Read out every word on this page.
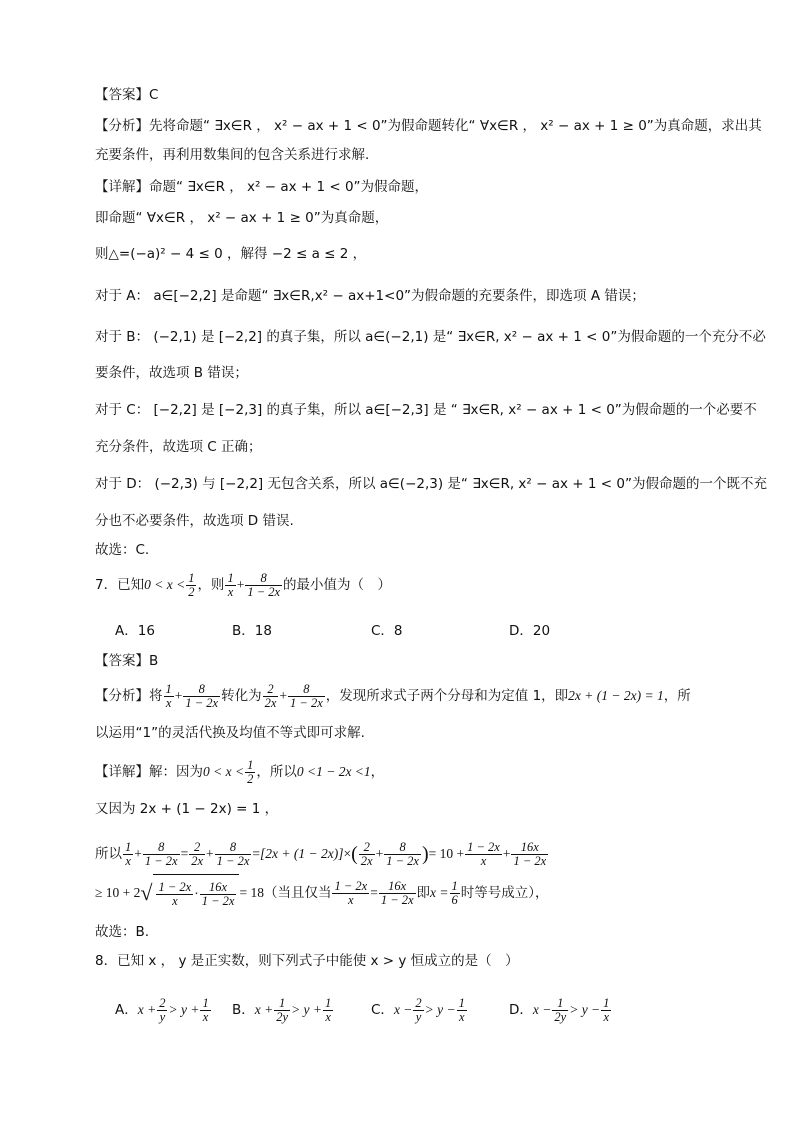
【答案】C
【分析】先将命题“ ∃x∈R ， x² − ax + 1 < 0”为假命题转化“ ∀x∈R ， x² − ax + 1 ≥ 0”为真命题，求出其
充要条件，再利用数集间的包含关系进行求解.
【详解】命题“ ∃x∈R ， x² − ax + 1 < 0”为假命题，
即命题“ ∀x∈R ， x² − ax + 1 ≥ 0”为真命题，
则△=(−a)² − 4 ≤ 0 ，解得 −2 ≤ a ≤ 2 ，
对于 A： a∈[−2,2] 是命题“ ∃x∈R,x² − ax+1<0”为假命题的充要条件，即选项 A 错误；
对于 B： (−2,1) 是 [−2,2] 的真子集，所以 a∈(−2,1) 是“ ∃x∈R, x² − ax + 1 < 0”为假命题的一个充分不必
要条件，故选项 B 错误；
对于 C： [−2,2] 是 [−2,3] 的真子集，所以 a∈[−2,3] 是 “ ∃x∈R, x² − ax + 1 < 0”为假命题的一个必要不
充分条件，故选项 C 正确；
对于 D： (−2,3) 与 [−2,2] 无包含关系，所以 a∈(−2,3) 是“ ∃x∈R, x² − ax + 1 < 0”为假命题的一个既不充
分也不必要条件，故选项 D 错误.
故选：C.
7．已知$0 < x < \frac{1}{2}$ ，则 $\frac{1}{x} + \frac{8}{1 - 2x}$ 的最小值为（　）
A．16	B．18	C．8	D．20
【答案】B
【分析】将 $\frac{1}{x} + \frac{8}{1 - 2x}$ 转化为 $\frac{2}{2x} + \frac{8}{1 - 2x}$ ，发现所求式子两个分母和为定值 1，即2x + (1 − 2x) = 1，所
以运用“1”的灵活代换及均值不等式即可求解.
【详解】解：因为$0 < x < \frac{1}{2}$ ，所以0 <1 − 2x <1，
又因为 2x + (1 − 2x) = 1 ，
所以 $\frac{1}{x} + \frac{8}{1 - 2x} = \frac{2}{2x} + \frac{8}{1 - 2x} =[2x + (1 - 2x)]\times( \frac{2}{2x} + \frac{8}{1 - 2x}$ )= $10 + \frac{1 - 2x}{x} + \frac{16x}{1 - 2x}$
≥ $10 + 2√ \frac{1 - 2x}{x} \cdot \frac{16x}{1 - 2x} = 18$（当且仅当 $\frac{1 - 2x}{x} = \frac{16x}{1 - 2x}$ 即$x = \frac{1}{6}$ 时等号成立），
故选：B.
8．已知 x ， y 是正实数，则下列式子中能使 x > y 恒成立的是（　）
A．$x + \frac{2}{y} > y + \frac{1}{x}$ B．$x + \frac{1}{2y} > y + \frac{1}{x}$	C．$x - \frac{2}{y} > y - \frac{1}{x}$	D．$x - \frac{1}{2y} > y - \frac{1}{x}$
